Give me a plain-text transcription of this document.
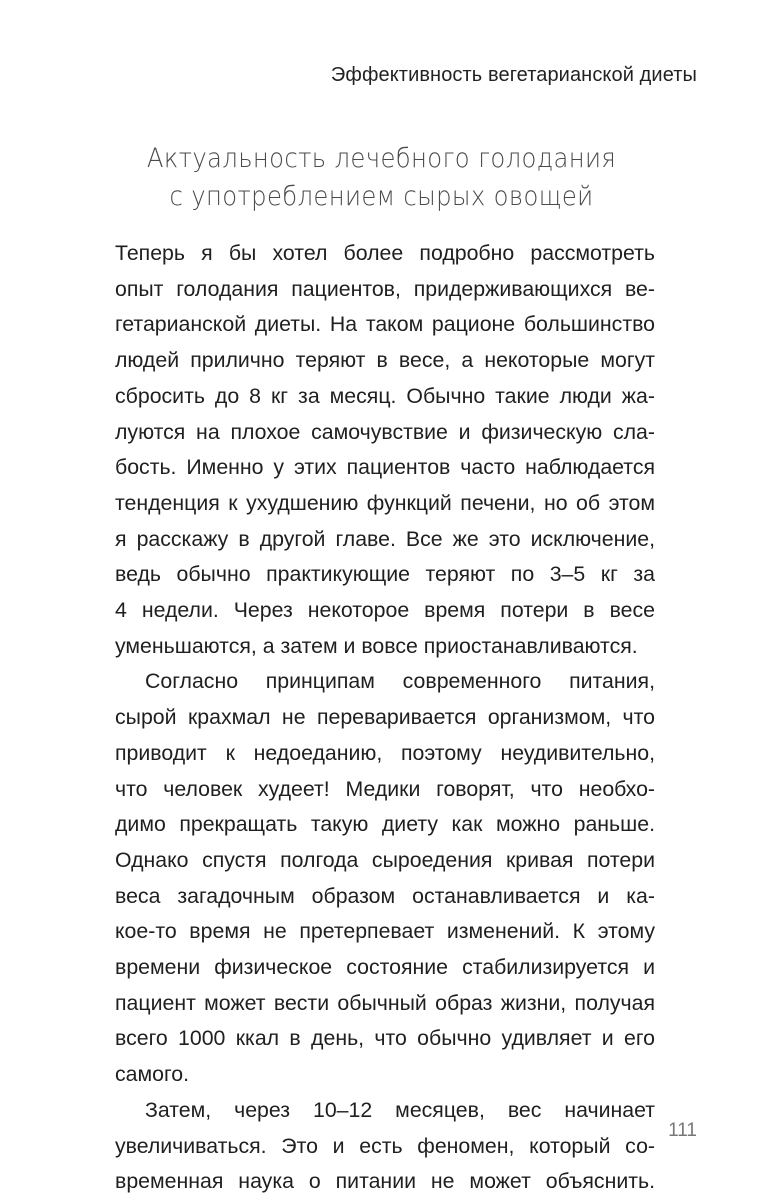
Эффективность вегетарианской диеты
Актуальность лечебного голодания
с употреблением сырых овощей

Теперь я бы хотел более подробно рассмотреть
опыт голодания пациентов, придерживающихся ве-
гетарианской диеты. На таком рационе большинство
людей прилично теряют в весе, а некоторые могут
сбросить до 8 кг за месяц. Обычно такие люди жа-
луются на плохое самочувствие и физическую сла-
бость. Именно у этих пациентов часто наблюдается
тенденция к ухудшению функций печени, но об этом
я расскажу в другой главе. Все же это исключение,
ведь обычно практикующие теряют по 3–5 кг за
4 недели. Через некоторое время потери в весе
уменьшаются, а затем и вовсе приостанавливаются.

Согласно принципам современного питания,
сырой крахмал не переваривается организмом, что
приводит к недоеданию, поэтому неудивительно,
что человек худеет! Медики говорят, что необхо-
димо прекращать такую диету как можно раньше.
Однако спустя полгода сыроедения кривая потери
веса загадочным образом останавливается и ка-
кое-то время не претерпевает изменений. К этому
времени физическое состояние стабилизируется и
пациент может вести обычный образ жизни, получая
всего 1000 ккал в день, что обычно удивляет и его
самого.

Затем, через 10–12 месяцев, вес начинает
увеличиваться. Это и есть феномен, который со-
временная наука о питании не может объяснить.

111
